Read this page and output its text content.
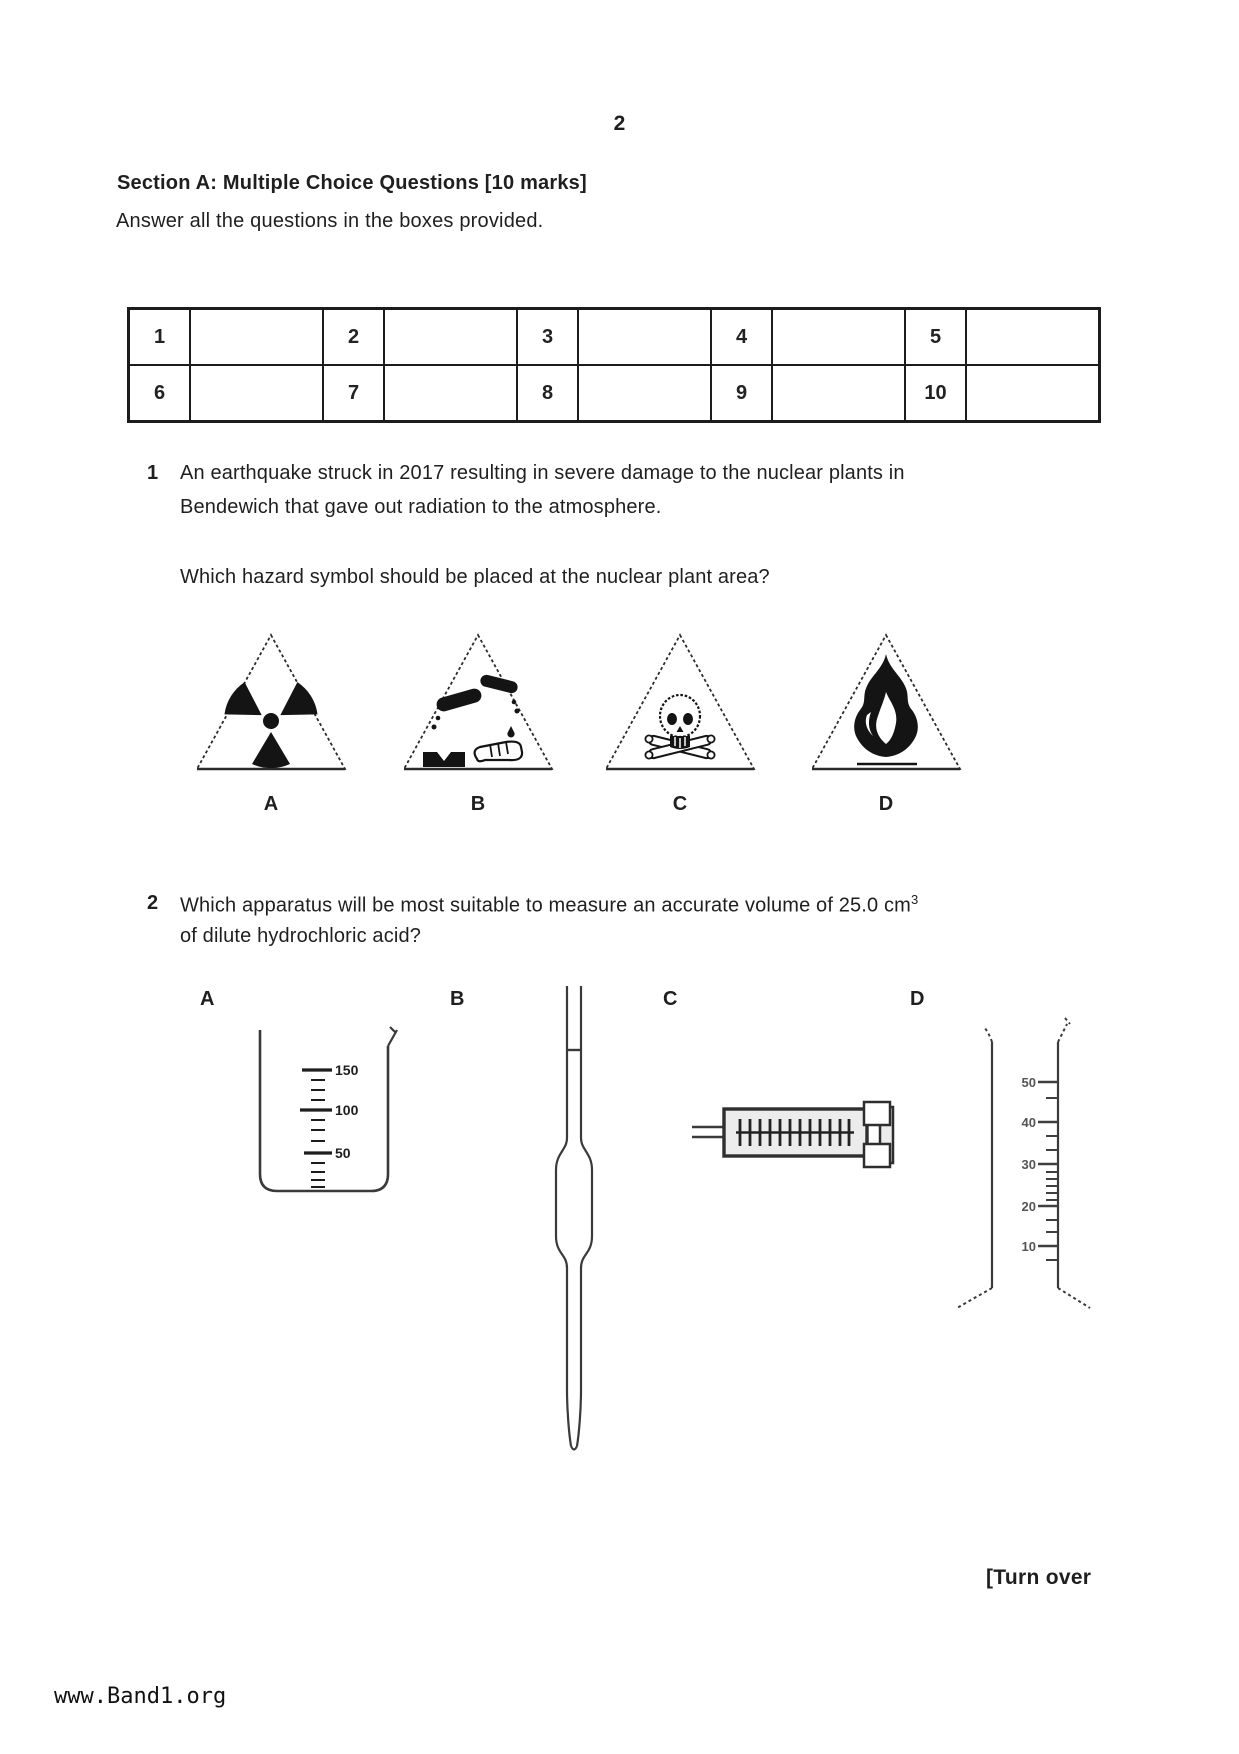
2
Section A: Multiple Choice Questions [10 marks]
Answer all the questions in the boxes provided.
1		2		3		4		5	
6		7		8		9		10	
1 An earthquake struck in 2017 resulting in severe damage to the nuclear plants in
Bendewich that gave out radiation to the atmosphere.
Which hazard symbol should be placed at the nuclear plant area?
A	B	C	D
2 Which apparatus will be most suitable to measure an accurate volume of 25.0 $cm^3$
of dilute hydrochloric acid?
A	B	C	D
150
100
50
50
40
30
20
10
[Turn over
www.Band1.org
